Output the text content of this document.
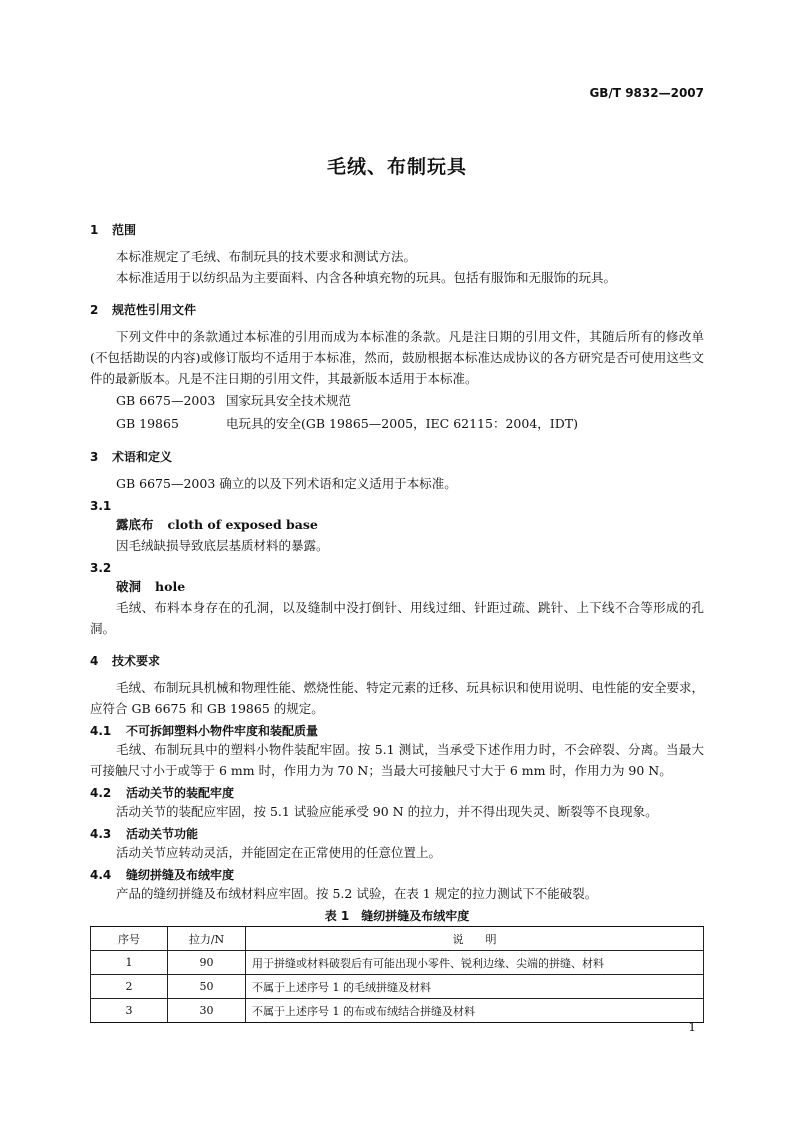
GB/T 9832—2007
毛绒、布制玩具
1 范围
本标准规定了毛绒、布制玩具的技术要求和测试方法。
本标准适用于以纺织品为主要面料、内含各种填充物的玩具。包括有服饰和无服饰的玩具。
2 规范性引用文件
下列文件中的条款通过本标准的引用而成为本标准的条款。凡是注日期的引用文件，其随后所有的修改单(不包括勘误的内容)或修订版均不适用于本标准，然而，鼓励根据本标准达成协议的各方研究是否可使用这些文件的最新版本。凡是不注日期的引用文件，其最新版本适用于本标准。
GB 6675—2003 国家玩具安全技术规范
GB 19865	电玩具的安全(GB 19865—2005，IEC 62115：2004，IDT)
3 术语和定义
GB 6675—2003 确立的以及下列术语和定义适用于本标准。
3.1
露底布 cloth of exposed base
因毛绒缺损导致底层基质材料的暴露。
3.2
破洞 hole
毛绒、布料本身存在的孔洞，以及缝制中没打倒针、用线过细、针距过疏、跳针、上下线不合等形成的孔洞。
4 技术要求
毛绒、布制玩具机械和物理性能、燃烧性能、特定元素的迁移、玩具标识和使用说明、电性能的安全要求，应符合 GB 6675 和 GB 19865 的规定。
4.1 不可拆卸塑料小物件牢度和装配质量
毛绒、布制玩具中的塑料小物件装配牢固。按 5.1 测试，当承受下述作用力时，不会碎裂、分离。当最大可接触尺寸小于或等于 6 mm 时，作用力为 70 N；当最大可接触尺寸大于 6 mm 时，作用力为 90 N。
4.2 活动关节的装配牢度
活动关节的装配应牢固，按 5.1 试验应能承受 90 N 的拉力，并不得出现失灵、断裂等不良现象。
4.3 活动关节功能
活动关节应转动灵活，并能固定在正常使用的任意位置上。
4.4 缝纫拼缝及布绒牢度
产品的缝纫拼缝及布绒材料应牢固。按 5.2 试验，在表 1 规定的拉力测试下不能破裂。
表 1　缝纫拼缝及布绒牢度
序号	拉力/N	说　　明
1	90	用于拼缝或材料破裂后有可能出现小零件、锐利边缘、尖端的拼缝、材料
2	50	不属于上述序号 1 的毛绒拼缝及材料
3	30	不属于上述序号 1 的布或布绒结合拼缝及材料
1
